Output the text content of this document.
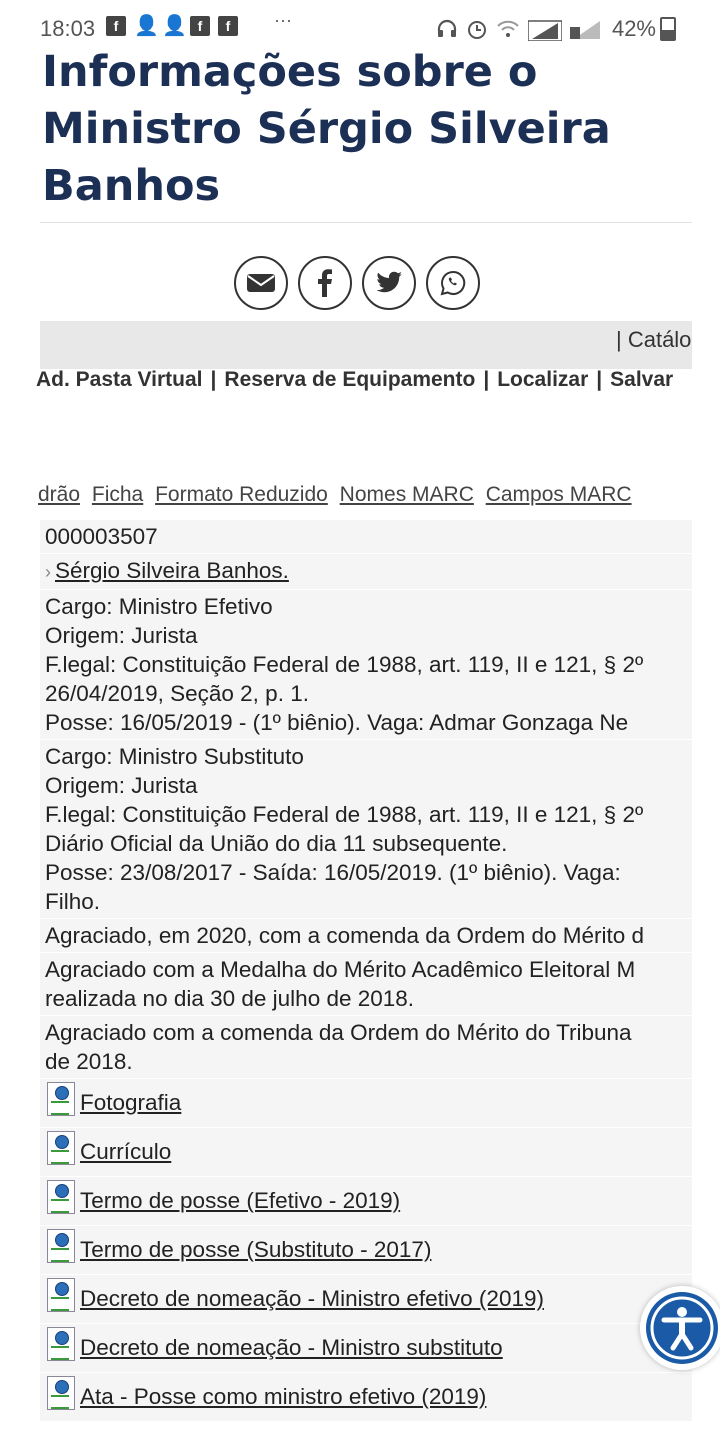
18:03	f 👤 👤 f	f	···	42%
Informações sobre o Ministro Sérgio Silveira Banhos
| Catálo
Ad. Pasta Virtual | Reserva de Equipamento | Localizar | Salvar
drão Ficha Formato Reduzido Nomes MARC Campos MARC
000003507
› Sérgio Silveira Banhos.
Cargo: Ministro Efetivo
Origem: Jurista
F.legal: Constituição Federal de 1988, art. 119, II e 121, § 2º
26/04/2019, Seção 2, p. 1.
Posse: 16/05/2019 - (1º biênio). Vaga: Admar Gonzaga Ne
Cargo: Ministro Substituto
Origem: Jurista
F.legal: Constituição Federal de 1988, art. 119, II e 121, § 2º
Diário Oficial da União do dia 11 subsequente.
Posse: 23/08/2017 - Saída: 16/05/2019. (1º biênio). Vaga:
Filho.
Agraciado, em 2020, com a comenda da Ordem do Mérito d
Agraciado com a Medalha do Mérito Acadêmico Eleitoral M
realizada no dia 30 de julho de 2018.
Agraciado com a comenda da Ordem do Mérito do Tribuna
de 2018.
Fotografia
Currículo
Termo de posse (Efetivo - 2019)
Termo de posse (Substituto - 2017)
Decreto de nomeação - Ministro efetivo (2019)
Decreto de nomeação - Ministro substituto
Ata - Posse como ministro efetivo (2019)
